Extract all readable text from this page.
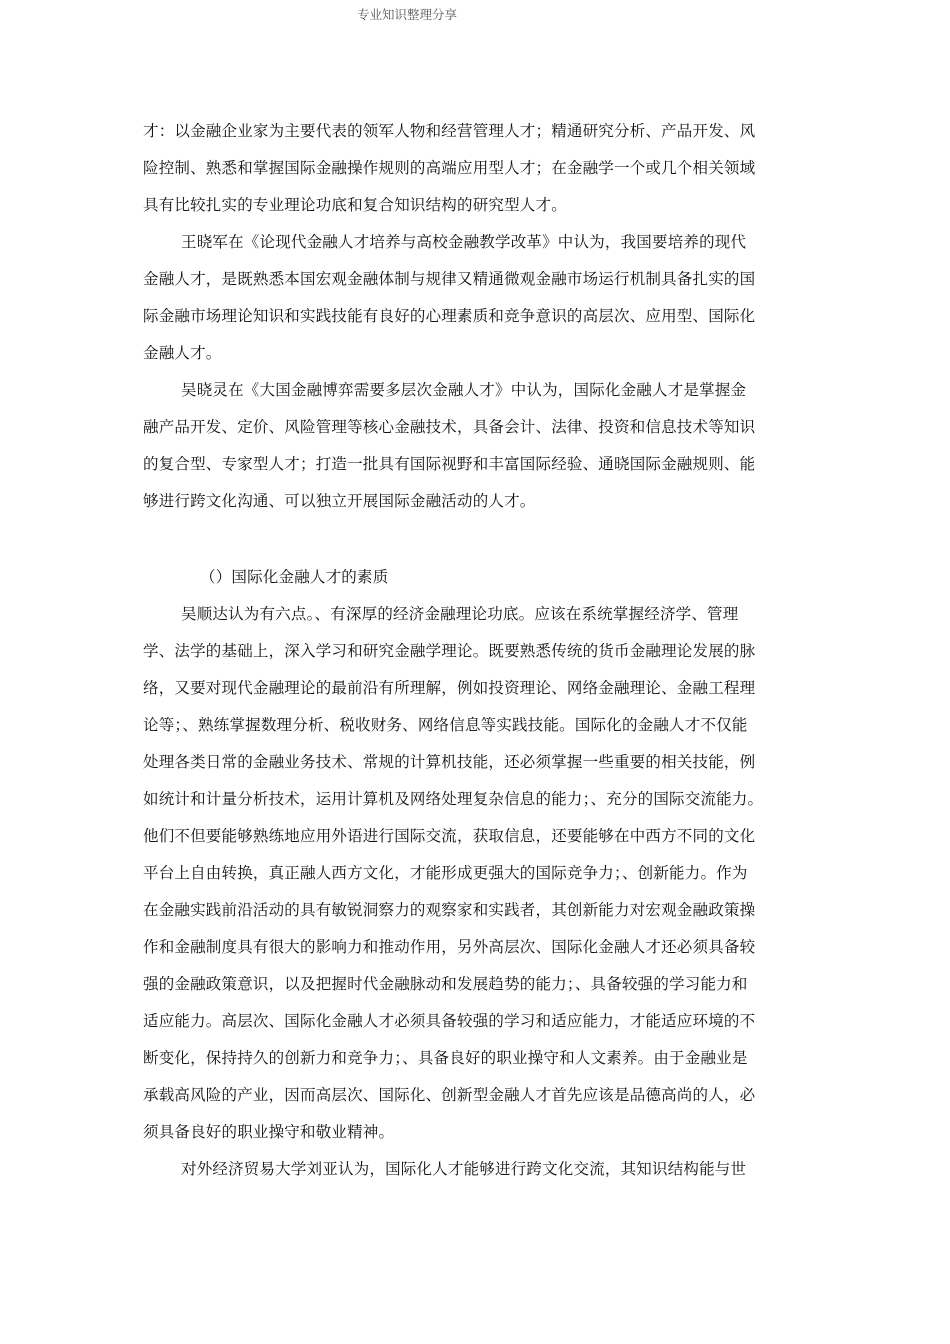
专业知识整理分享
才：以金融企业家为主要代表的领军人物和经营管理人才；精通研究分析、产品开发、风
险控制、熟悉和掌握国际金融操作规则的高端应用型人才；在金融学一个或几个相关领域
具有比较扎实的专业理论功底和复合知识结构的研究型人才。
王晓军在《论现代金融人才培养与高校金融教学改革》中认为，我国要培养的现代
金融人才，是既熟悉本国宏观金融体制与规律又精通微观金融市场运行机制具备扎实的国
际金融市场理论知识和实践技能有良好的心理素质和竞争意识的高层次、应用型、国际化
金融人才。
吴晓灵在《大国金融博弈需要多层次金融人才》中认为，国际化金融人才是掌握金
融产品开发、定价、风险管理等核心金融技术，具备会计、法律、投资和信息技术等知识
的复合型、专家型人才；打造一批具有国际视野和丰富国际经验、通晓国际金融规则、能
够进行跨文化沟通、可以独立开展国际金融活动的人才。
（）国际化金融人才的素质
吴顺达认为有六点。、有深厚的经济金融理论功底。应该在系统掌握经济学、管理
学、法学的基础上，深入学习和研究金融学理论。既要熟悉传统的货币金融理论发展的脉
络，又要对现代金融理论的最前沿有所理解，例如投资理论、网络金融理论、金融工程理
论等；、熟练掌握数理分析、税收财务、网络信息等实践技能。国际化的金融人才不仅能
处理各类日常的金融业务技术、常规的计算机技能，还必须掌握一些重要的相关技能，例
如统计和计量分析技术，运用计算机及网络处理复杂信息的能力；、充分的国际交流能力。
他们不但要能够熟练地应用外语进行国际交流，获取信息，还要能够在中西方不同的文化
平台上自由转换，真正融人西方文化，才能形成更强大的国际竞争力；、创新能力。作为
在金融实践前沿活动的具有敏锐洞察力的观察家和实践者，其创新能力对宏观金融政策操
作和金融制度具有很大的影响力和推动作用，另外高层次、国际化金融人才还必须具备较
强的金融政策意识，以及把握时代金融脉动和发展趋势的能力；、具备较强的学习能力和
适应能力。高层次、国际化金融人才必须具备较强的学习和适应能力，才能适应环境的不
断变化，保持持久的创新力和竞争力；、具备良好的职业操守和人文素养。由于金融业是
承载高风险的产业，因而高层次、国际化、创新型金融人才首先应该是品德高尚的人，必
须具备良好的职业操守和敬业精神。
对外经济贸易大学刘亚认为，国际化人才能够进行跨文化交流，其知识结构能与世
